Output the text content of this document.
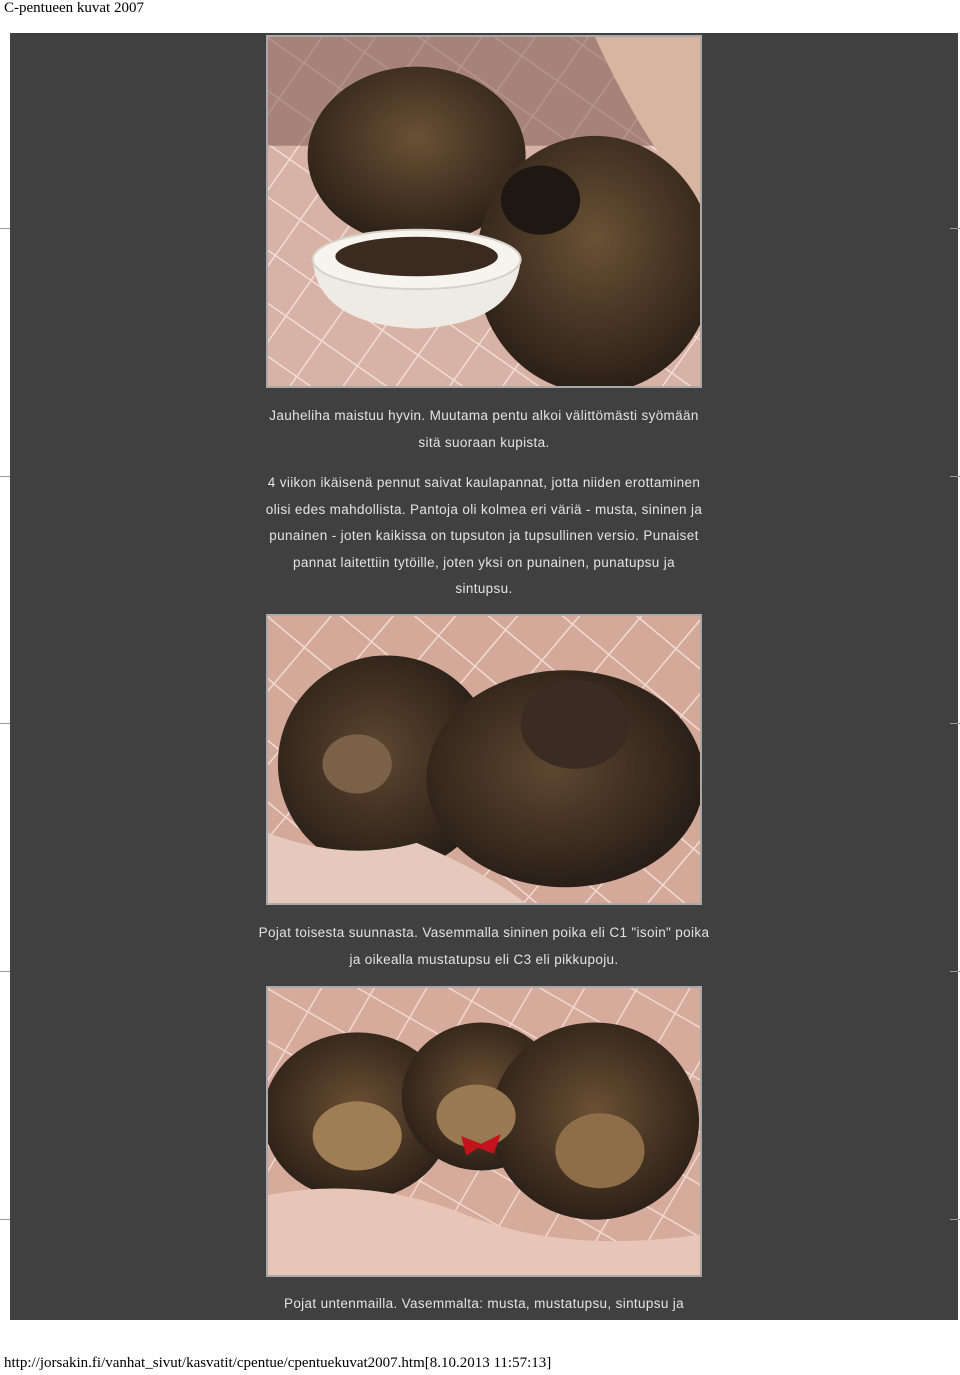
C-pentueen kuvat 2007

Jauheliha maistuu hyvin. Muutama pentu alkoi välittömästi syömään

sitä suoraan kupista.

4 viikon ikäisenä pennut saivat kaulapannat, jotta niiden erottaminen

olisi edes mahdollista. Pantoja oli kolmea eri väriä - musta, sininen ja

punainen - joten kaikissa on tupsuton ja tupsullinen versio. Punaiset

pannat laitettiin tytöille, joten yksi on punainen, punatupsu ja

sintupsu.

Pojat toisesta suunnasta. Vasemmalla sininen poika eli C1 "isoin" poika

ja oikealla mustatupsu eli C3 eli pikkupoju.

Pojat untenmailla. Vasemmalta: musta, mustatupsu, sintupsu ja

http://jorsakin.fi/vanhat_sivut/kasvatit/cpentue/cpentuekuvat2007.htm[8.10.2013 11:57:13]
